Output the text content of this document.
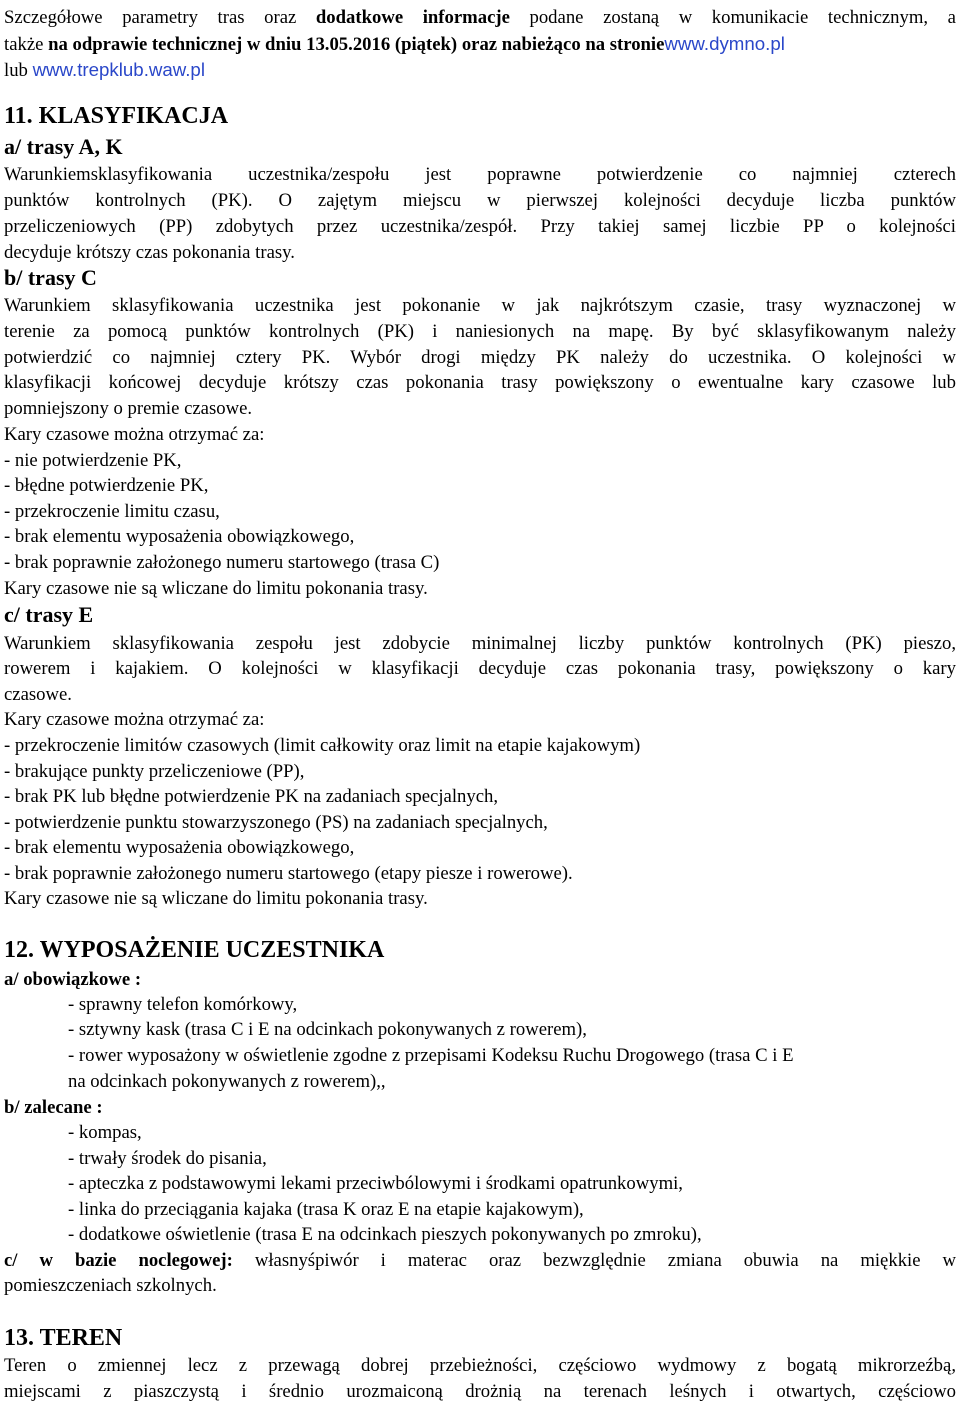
Szczegółowe parametry tras oraz dodatkowe informacje podane zostaną w komunikacie technicznym, a
także na odprawie technicznej w dniu 13.05.2016 (piątek) oraz nabieżąco na stroniewww.dymno.pl
lub www.trepklub.waw.pl
11. KLASYFIKACJA
a/ trasy A, K
Warunkiemsklasyfikowania uczestnika/zespołu jest poprawne potwierdzenie co najmniej czterech
punktów kontrolnych (PK). O zajętym miejscu w pierwszej kolejności decyduje liczba punktów
przeliczeniowych (PP) zdobytych przez uczestnika/zespół. Przy takiej samej liczbie PP o kolejności
decyduje krótszy czas pokonania trasy.
b/ trasy C
Warunkiem sklasyfikowania uczestnika jest pokonanie w jak najkrótszym czasie, trasy wyznaczonej w
terenie za pomocą punktów kontrolnych (PK) i naniesionych na mapę. By być sklasyfikowanym należy
potwierdzić co najmniej cztery PK. Wybór drogi między PK należy do uczestnika. O kolejności w
klasyfikacji końcowej decyduje krótszy czas pokonania trasy powiększony o ewentualne kary czasowe lub
pomniejszony o premie czasowe.
Kary czasowe można otrzymać za:
- nie potwierdzenie PK,
- błędne potwierdzenie PK,
- przekroczenie limitu czasu,
- brak elementu wyposażenia obowiązkowego,
- brak poprawnie założonego numeru startowego (trasa C)
Kary czasowe nie są wliczane do limitu pokonania trasy.
c/ trasy E
Warunkiem sklasyfikowania zespołu jest zdobycie minimalnej liczby punktów kontrolnych (PK) pieszo,
rowerem i kajakiem. O kolejności w klasyfikacji decyduje czas pokonania trasy, powiększony o kary
czasowe.
Kary czasowe można otrzymać za:
- przekroczenie limitów czasowych (limit całkowity oraz limit na etapie kajakowym)
- brakujące punkty przeliczeniowe (PP),
- brak PK lub błędne potwierdzenie PK na zadaniach specjalnych,
- potwierdzenie punktu stowarzyszonego (PS) na zadaniach specjalnych,
- brak elementu wyposażenia obowiązkowego,
- brak poprawnie założonego numeru startowego (etapy piesze i rowerowe).
Kary czasowe nie są wliczane do limitu pokonania trasy.
12. WYPOSAŻENIE UCZESTNIKA
a/ obowiązkowe :
- sprawny telefon komórkowy,
- sztywny kask (trasa C i E na odcinkach pokonywanych z rowerem),
- rower wyposażony w oświetlenie zgodne z przepisami Kodeksu Ruchu Drogowego (trasa C i E
na odcinkach pokonywanych z rowerem),,
b/ zalecane :
- kompas,
- trwały środek do pisania,
- apteczka z podstawowymi lekami przeciwbólowymi i środkami opatrunkowymi,
- linka do przeciągania kajaka (trasa K oraz E na etapie kajakowym),
- dodatkowe oświetlenie (trasa E na odcinkach pieszych pokonywanych po zmroku),
c/ w bazie noclegowej: własnyśpiwór i materac oraz bezwzględnie zmiana obuwia na miękkie w
pomieszczeniach szkolnych.
13. TEREN
Teren o zmiennej lecz z przewagą dobrej przebieżności, częściowo wydmowy z bogatą mikrorzeźbą,
miejscami z piaszczystą i średnio urozmaiconą drożnią na terenach leśnych i otwartych, częściowo
